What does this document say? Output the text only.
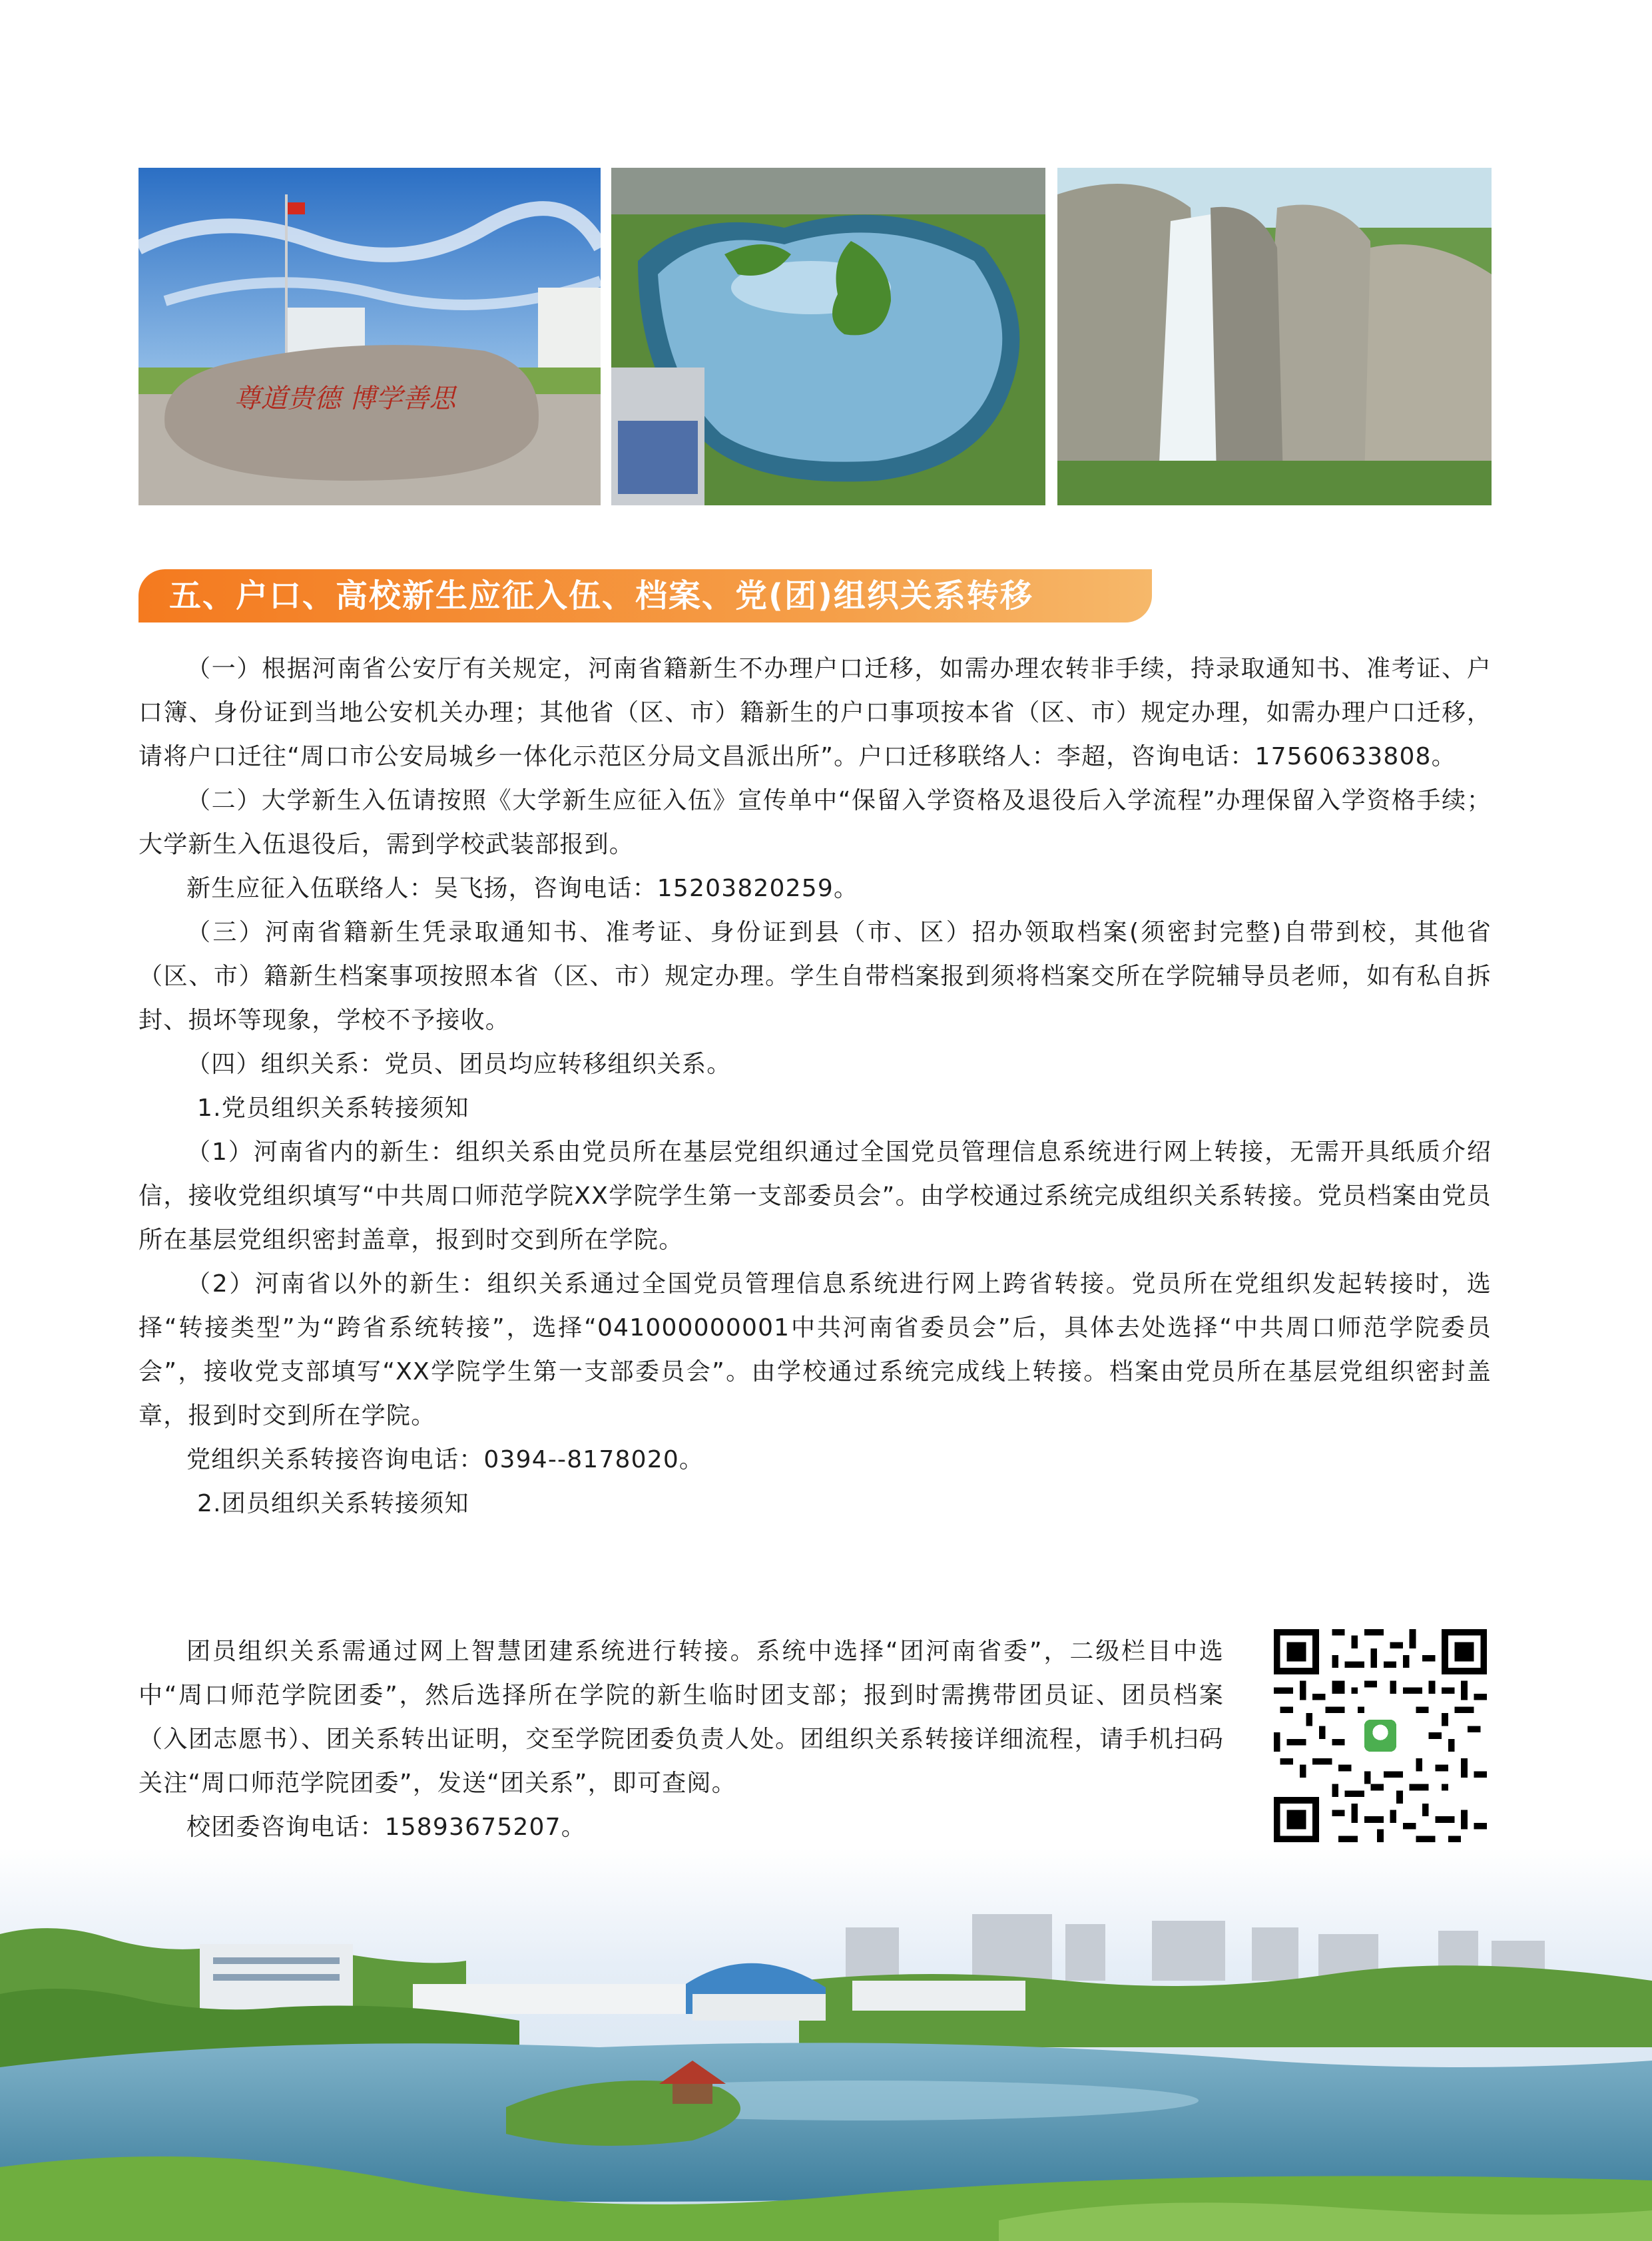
尊道贵德 博学善思
五、户口、高校新生应征入伍、档案、党(团)组织关系转移

（一）根据河南省公安厅有关规定，河南省籍新生不办理户口迁移，如需办理农转非手续，持录取通知书、准考证、户口簿、身份证到当地公安机关办理；其他省（区、市）籍新生的户口事项按本省（区、市）规定办理，如需办理户口迁移，请将户口迁往“周口市公安局城乡一体化示范区分局文昌派出所”。户口迁移联络人：李超，咨询电话：17560633808。

（二）大学新生入伍请按照《大学新生应征入伍》宣传单中“保留入学资格及退役后入学流程”办理保留入学资格手续；大学新生入伍退役后，需到学校武装部报到。

新生应征入伍联络人：吴飞扬，咨询电话：15203820259。

（三）河南省籍新生凭录取通知书、准考证、身份证到县（市、区）招办领取档案(须密封完整)自带到校，其他省（区、市）籍新生档案事项按照本省（区、市）规定办理。学生自带档案报到须将档案交所在学院辅导员老师，如有私自拆封、损坏等现象，学校不予接收。

（四）组织关系：党员、团员均应转移组织关系。

1.党员组织关系转接须知

（1）河南省内的新生：组织关系由党员所在基层党组织通过全国党员管理信息系统进行网上转接，无需开具纸质介绍信，接收党组织填写“中共周口师范学院XX学院学生第一支部委员会”。由学校通过系统完成组织关系转接。党员档案由党员所在基层党组织密封盖章，报到时交到所在学院。

（2）河南省以外的新生：组织关系通过全国党员管理信息系统进行网上跨省转接。党员所在党组织发起转接时，选择“转接类型”为“跨省系统转接”，选择“041000000001中共河南省委员会”后，具体去处选择“中共周口师范学院委员会”，接收党支部填写“XX学院学生第一支部委员会”。由学校通过系统完成线上转接。档案由党员所在基层党组织密封盖章，报到时交到所在学院。

党组织关系转接咨询电话：0394--8178020。

2.团员组织关系转接须知

团员组织关系需通过网上智慧团建系统进行转接。系统中选择“团河南省委”，二级栏目中选中“周口师范学院团委”，然后选择所在学院的新生临时团支部；报到时需携带团员证、团员档案（入团志愿书）、团关系转出证明，交至学院团委负责人处。团组织关系转接详细流程，请手机扫码关注“周口师范学院团委”，发送“团关系”，即可查阅。

校团委咨询电话：15893675207。
